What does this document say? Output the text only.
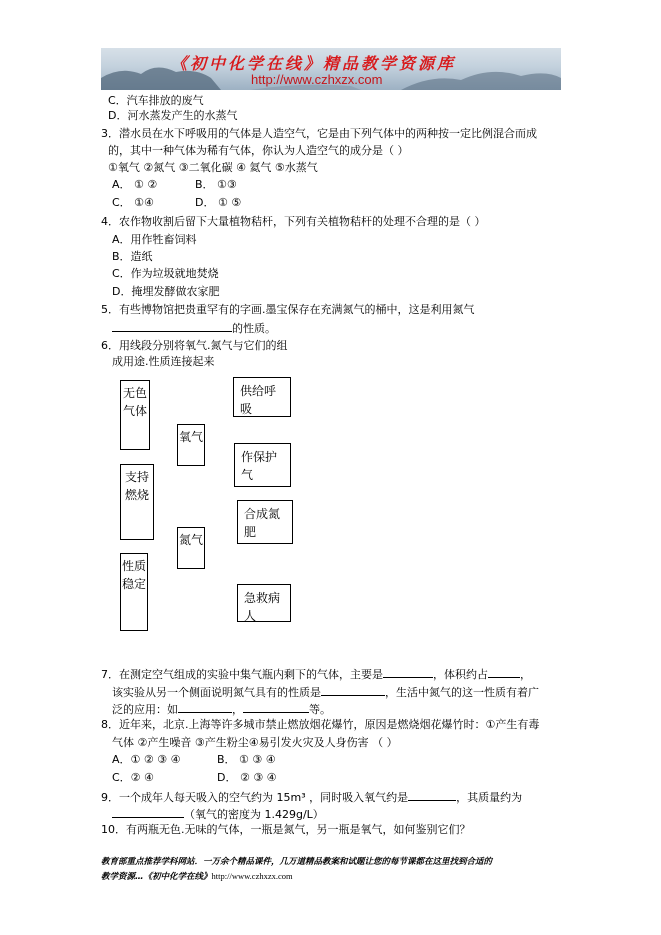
《初中化学在线》精品教学资源库
http://www.czhxzx.com
C．汽车排放的废气
D．河水蒸发产生的水蒸气
3．潜水员在水下呼吸用的气体是人造空气，它是由下列气体中的两种按一定比例混合而成
的，其中一种气体为稀有气体，你认为人造空气的成分是（ ）
①氧气 ②氮气 ③二氧化碳 ④ 氦气 ⑤水蒸气
A． ① ②	B． ①③
C． ①④	D． ① ⑤
4．农作物收割后留下大量植物秸杆，下列有关植物秸杆的处理不合理的是（ ）
A．用作牲畜饲料
B．造纸
C．作为垃圾就地焚烧
D．掩埋发酵做农家肥
5．有些博物馆把贵重罕有的字画.墨宝保存在充满氮气的桶中，这是利用氮气
的性质。
6．用线段分别将氧气.氮气与它们的组
成用途.性质连接起来
无色气体
支持燃烧
性质稳定
氧气
氮气
供给呼吸
作保护气
合成氮肥
急救病人
7．在测定空气组成的实验中集气瓶内剩下的气体，主要是	，体积约占	，
该实验从另一个侧面说明氮气具有的性质是	，生活中氮气的这一性质有着广
泛的应用：如	，	等。
8．近年来，北京.上海等许多城市禁止燃放烟花爆竹，原因是燃烧烟花爆竹时：①产生有毒
气体 ②产生噪音 ③产生粉尘④易引发火灾及人身伤害 （ ）
A．① ② ③ ④	B． ① ③ ④
C．② ④	D． ② ③ ④
9．一个成年人每天吸入的空气约为 15m³ ，同时吸入氧气约是	，其质量约为
（氧气的密度为 1.429g/L）
10．有两瓶无色.无味的气体，一瓶是氮气，另一瓶是氧气，如何鉴别它们？
教育部重点推荐学科网站．一万余个精品课件，几万道精品教案和试题让您的每节课都在这里找到合适的
教学资源…《初中化学在线》http://www.czhxzx.com
